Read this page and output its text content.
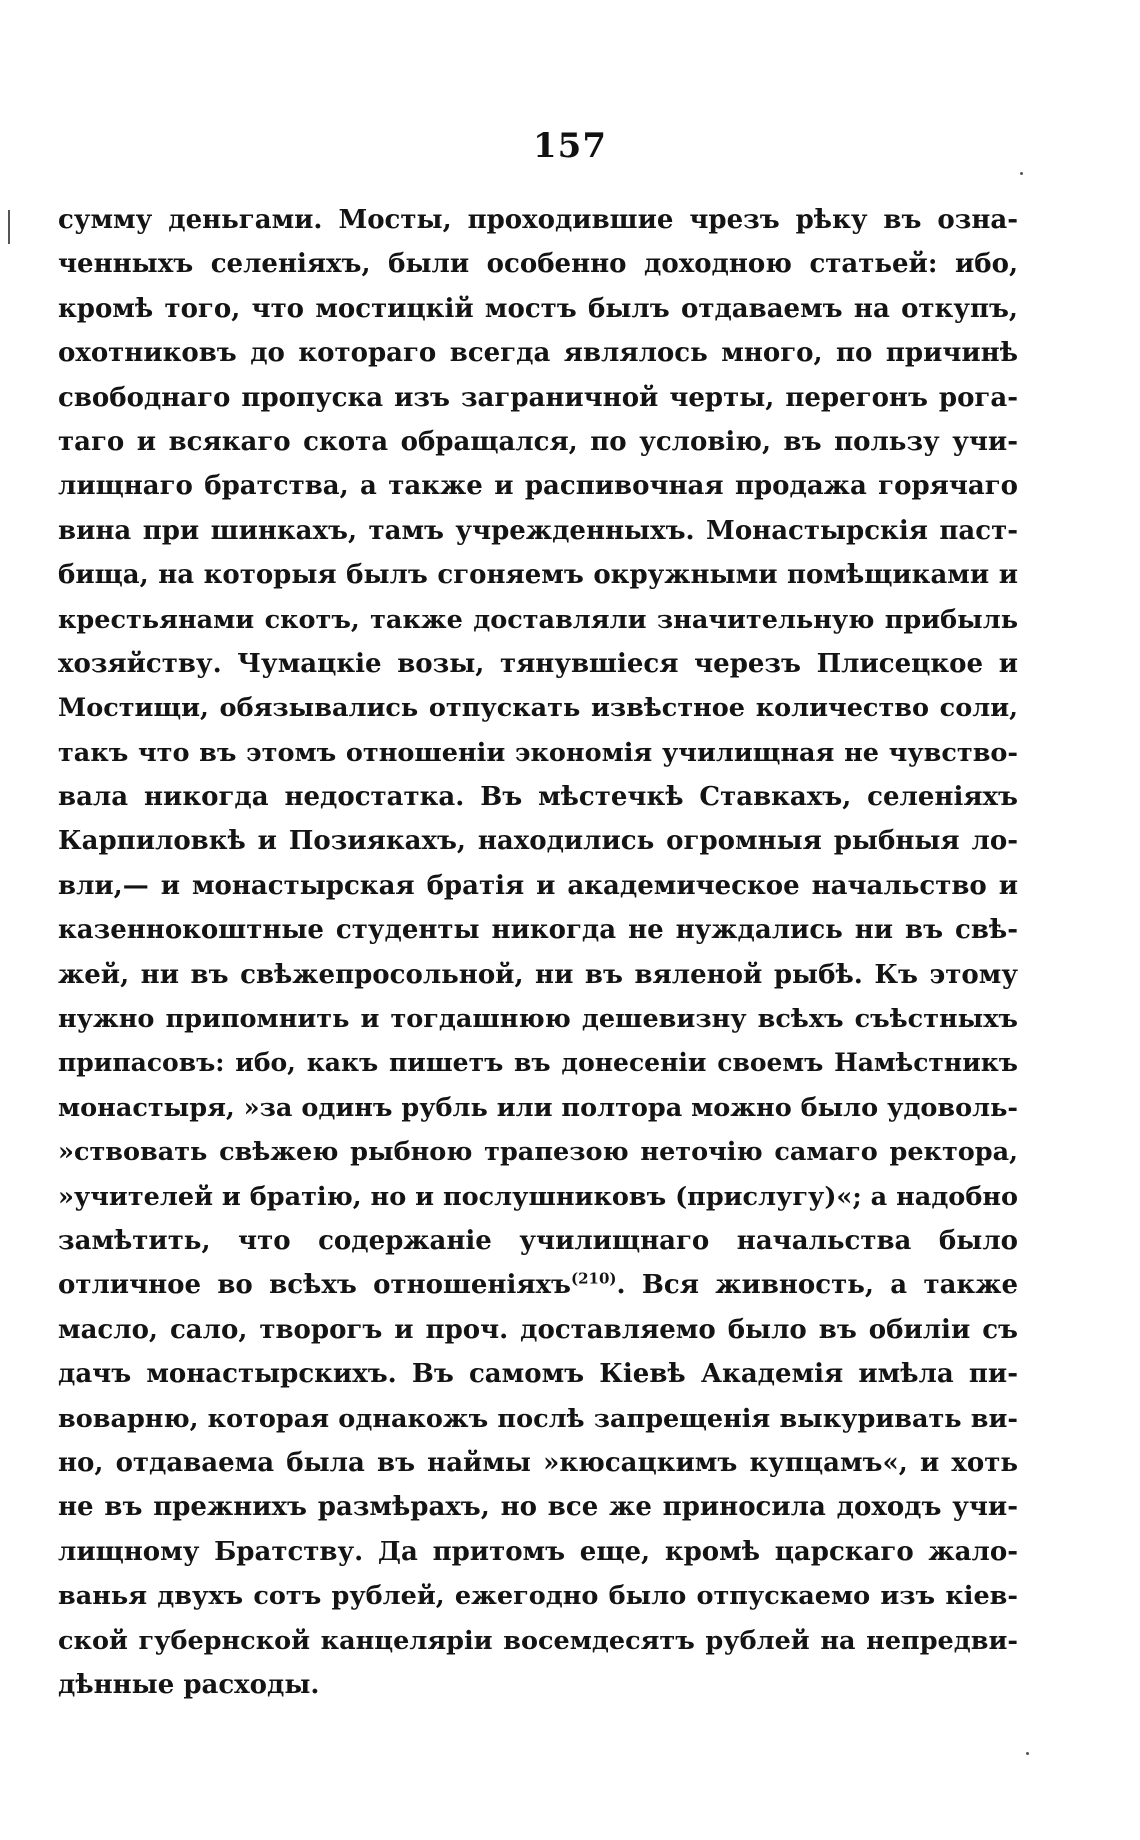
157
сумму деньгами. Мосты, проходившие чрезъ рѣку въ озна-
ченныхъ селеніяхъ, были особенно доходною статьей: ибо,
кромѣ того, что мостицкій мостъ былъ отдаваемъ на откупъ,
охотниковъ до котораго всегда являлось много, по причинѣ
свободнаго пропуска изъ заграничной черты, перегонъ рога-
таго и всякаго скота обращался, по условію, въ пользу учи-
лищнаго братства, а также и распивочная продажа горячаго
вина при шинкахъ, тамъ учрежденныхъ. Монастырскія паст-
бища, на которыя былъ сгоняемъ окружными помѣщиками и
крестьянами скотъ, также доставляли значительную прибыль
хозяйству. Чумацкіе возы, тянувшіеся черезъ Плисецкое и
Мостищи, обязывались отпускать извѣстное количество соли,
такъ что въ этомъ отношеніи экономія училищная не чувство-
вала никогда недостатка. Въ мѣстечкѣ Ставкахъ, селеніяхъ
Карпиловкѣ и Позиякахъ, находились огромныя рыбныя ло-
вли,— и монастырская братія и академическое начальство и
казеннокоштные студенты никогда не нуждались ни въ свѣ-
жей, ни въ свѣжепросольной, ни въ вяленой рыбѣ. Къ этому
нужно припомнить и тогдашнюю дешевизну всѣхъ съѣстныхъ
припасовъ: ибо, какъ пишетъ въ донесеніи своемъ Намѣстникъ
монастыря, »за одинъ рубль или полтора можно было удоволь-
»ствовать свѣжею рыбною трапезою неточію самаго ректора,
»учителей и братію, но и послушниковъ (прислугу)«; а надобно
замѣтить, что содержаніе училищнаго начальства было
отличное во всѣхъ отношеніяхъ$^{(210)}$. Вся живность, а также
масло, сало, творогъ и проч. доставляемо было въ обиліи съ
дачъ монастырскихъ. Въ самомъ Кіевѣ Академія имѣла пи-
воварню, которая однакожъ послѣ запрещенія выкуривать ви-
но, отдаваема была въ наймы »кюсацкимъ купцамъ«, и хоть
не въ прежнихъ размѣрахъ, но все же приносила доходъ учи-
лищному Братству. Да притомъ еще, кромѣ царскаго жало-
ванья двухъ сотъ рублей, ежегодно было отпускаемо изъ кіев-
ской губернской канцеляріи восемдесятъ рублей на непредви-
дѣнные расходы.
